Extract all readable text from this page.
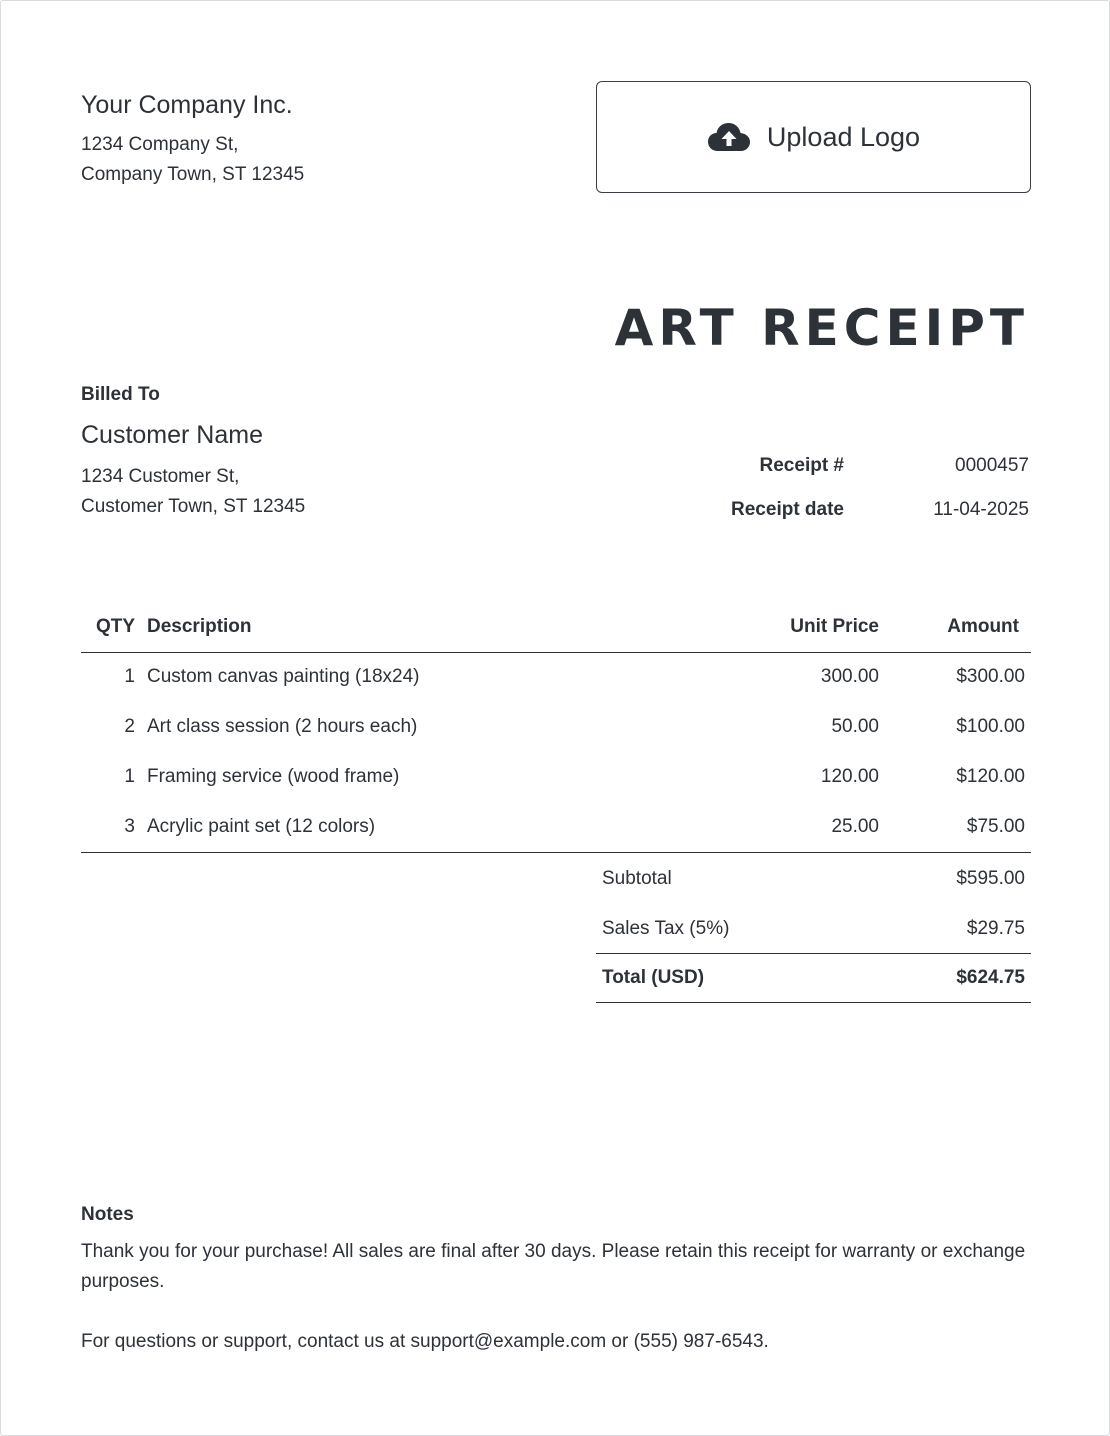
Your Company Inc.
1234 Company St,
Company Town, ST 12345
Upload Logo
ART RECEIPT
Billed To
Customer Name
1234 Customer St,
Customer Town, ST 12345
Receipt #	0000457
Receipt date	11-04-2025
QTY	Description	Unit Price	Amount
1	Custom canvas painting (18x24)	300.00	$300.00
2	Art class session (2 hours each)	50.00	$100.00
1	Framing service (wood frame)	120.00	$120.00
3	Acrylic paint set (12 colors)	25.00	$75.00
Subtotal	$595.00
Sales Tax (5%)	$29.75
Total (USD)	$624.75
Notes
Thank you for your purchase! All sales are final after 30 days. Please retain this receipt for warranty or exchange purposes.
For questions or support, contact us at support@example.com or (555) 987-6543.
